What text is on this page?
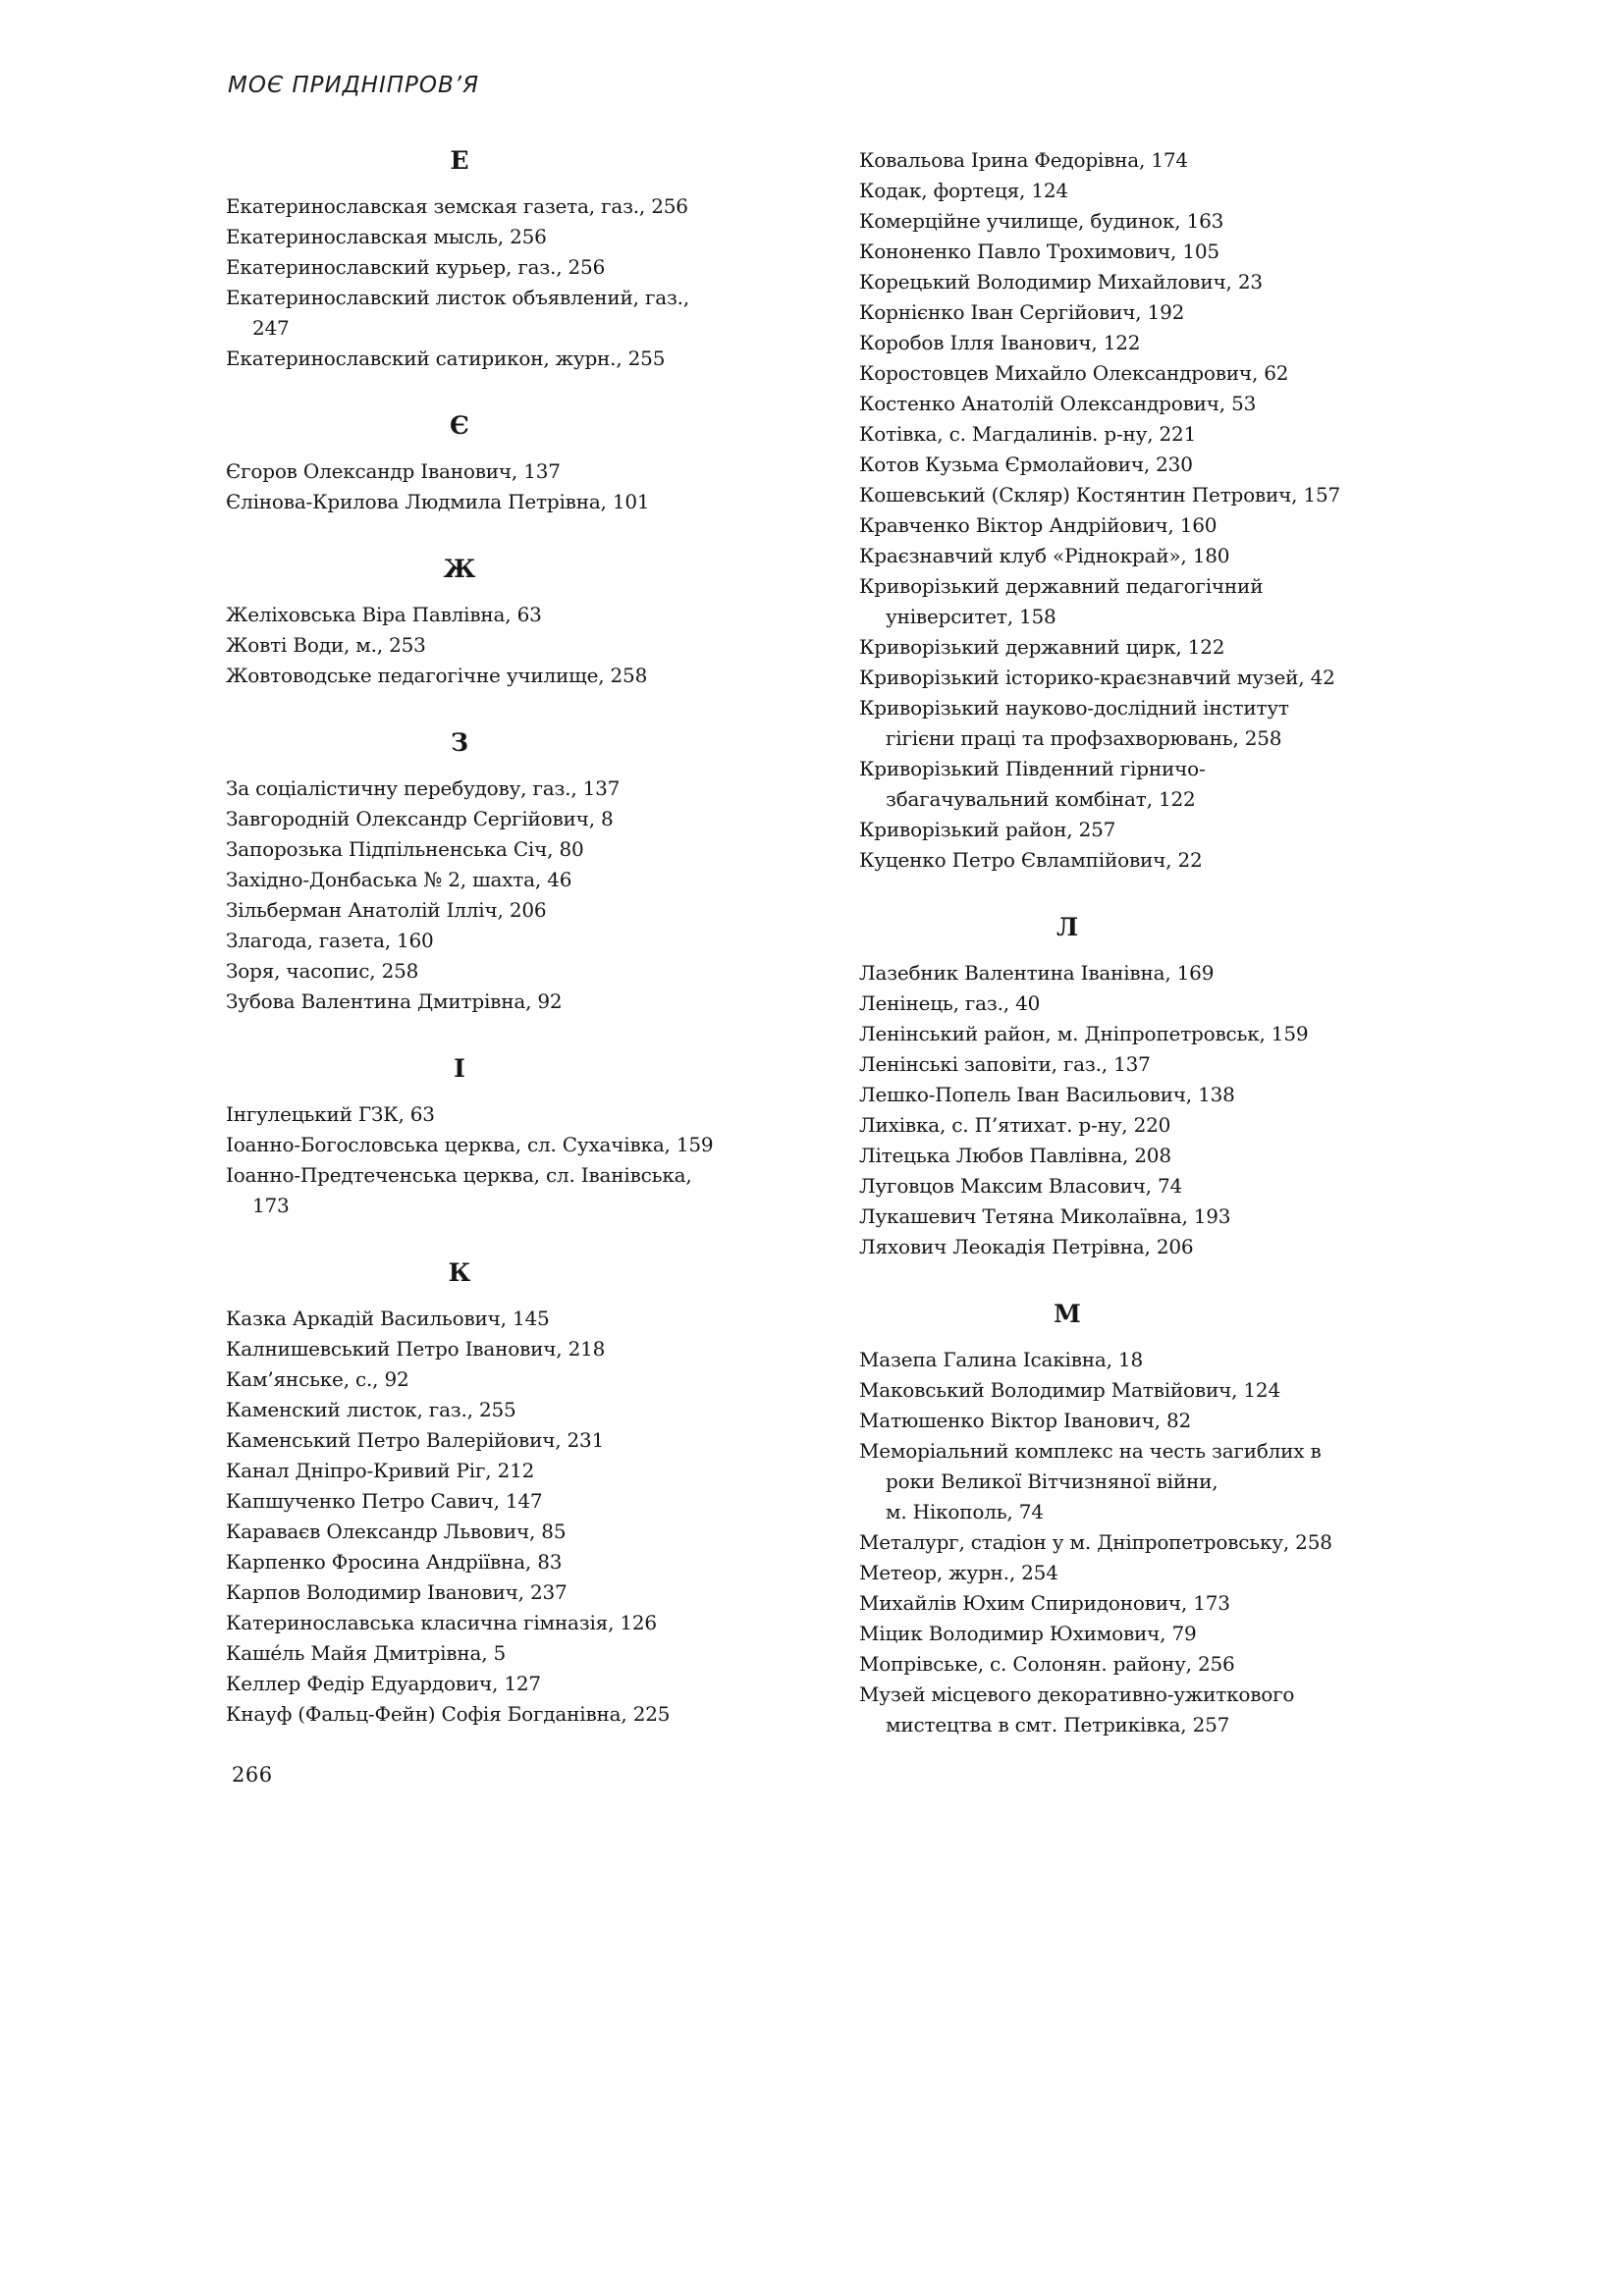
МОЄ ПРИДНІПРОВ’Я
Е
Екатеринославская земская газета, газ., 256
Екатеринославская мысль, 256
Екатеринославский курьер, газ., 256
Екатеринославский листок объявлений, газ.,
247
Екатеринославский сатирикон, журн., 255
Є
Єгоров Олександр Іванович, 137
Єлінова-Крилова Людмила Петрівна, 101
Ж
Желіховська Віра Павлівна, 63
Жовті Води, м., 253
Жовтоводське педагогічне училище, 258
З
За соціалістичну перебудову, газ., 137
Завгородній Олександр Сергійович, 8
Запорозька Підпільненська Січ, 80
Західно-Донбаська № 2, шахта, 46
Зільберман Анатолій Ілліч, 206
Злагода, газета, 160
Зоря, часопис, 258
Зубова Валентина Дмитрівна, 92
І
Інгулецький ГЗК, 63
Іоанно-Богословська церква, сл. Сухачівка, 159
Іоанно-Предтеченська церква, сл. Іванівська,
173
К
Казка Аркадій Васильович, 145
Калнишевський Петро Іванович, 218
Кам’янське, с., 92
Каменский листок, газ., 255
Каменський Петро Валерійович, 231
Канал Дніпро-Кривий Ріг, 212
Капшученко Петро Савич, 147
Караваєв Олександр Львович, 85
Карпенко Фросина Андріївна, 83
Карпов Володимир Іванович, 237
Катеринославська класична гімназія, 126
Каше́ль Майя Дмитрівна, 5
Келлер Федір Едуардович, 127
Кнауф (Фальц-Фейн) Софія Богданівна, 225
Ковальова Ірина Федорівна, 174
Кодак, фортеця, 124
Комерційне училище, будинок, 163
Кононенко Павло Трохимович, 105
Корецький Володимир Михайлович, 23
Корнієнко Іван Сергійович, 192
Коробов Ілля Іванович, 122
Коростовцев Михайло Олександрович, 62
Костенко Анатолій Олександрович, 53
Котівка, с. Магдалинів. р-ну, 221
Котов Кузьма Єрмолайович, 230
Кошевський (Скляр) Костянтин Петрович, 157
Кравченко Віктор Андрійович, 160
Краєзнавчий клуб «Ріднокрай», 180
Криворізький державний педагогічний
університет, 158
Криворізький державний цирк, 122
Криворізький історико-краєзнавчий музей, 42
Криворізький науково-дослідний інститут
гігієни праці та профзахворювань, 258
Криворізький Південний гірничо-
збагачувальний комбінат, 122
Криворізький район, 257
Куценко Петро Євлампійович, 22
Л
Лазебник Валентина Іванівна, 169
Ленінець, газ., 40
Ленінський район, м. Дніпропетровськ, 159
Ленінські заповіти, газ., 137
Лешко-Попель Іван Васильович, 138
Лихівка, с. П’ятихат. р-ну, 220
Літецька Любов Павлівна, 208
Луговцов Максим Власович, 74
Лукашевич Тетяна Миколаївна, 193
Ляхович Леокадія Петрівна, 206
М
Мазепа Галина Ісаківна, 18
Маковський Володимир Матвійович, 124
Матюшенко Віктор Іванович, 82
Меморіальний комплекс на честь загиблих в
роки Великої Вітчизняної війни,
м. Нікополь, 74
Металург, стадіон у м. Дніпропетровську, 258
Метеор, журн., 254
Михайлів Юхим Спиридонович, 173
Міцик Володимир Юхимович, 79
Мопрівське, с. Солонян. району, 256
Музей місцевого декоративно-ужиткового
мистецтва в смт. Петриківка, 257
266
